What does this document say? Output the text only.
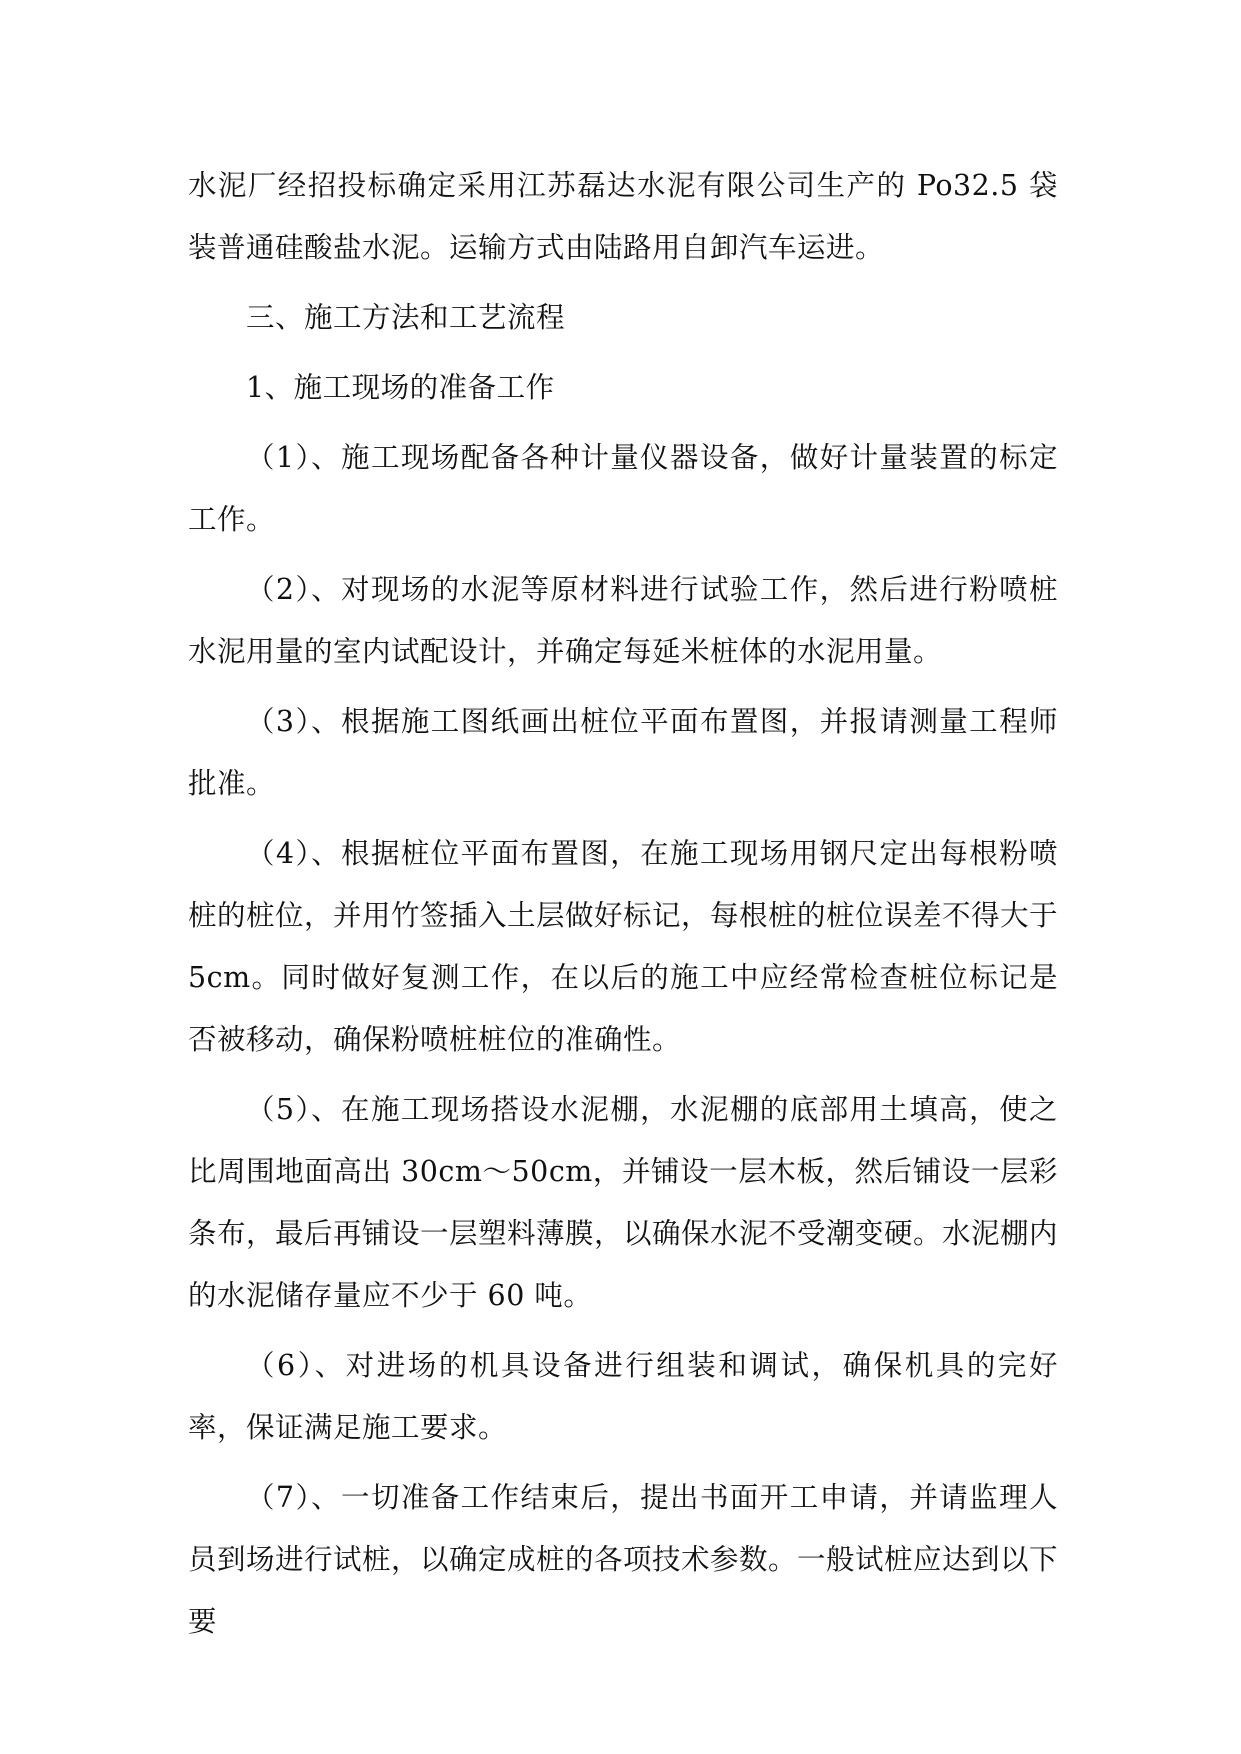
水泥厂经招投标确定采用江苏磊达水泥有限公司生产的 Po32.5 袋装普通硅酸盐水泥。运输方式由陆路用自卸汽车运进。

三、施工方法和工艺流程

1、施工现场的准备工作

（1）、施工现场配备各种计量仪器设备，做好计量装置的标定工作。

（2）、对现场的水泥等原材料进行试验工作，然后进行粉喷桩水泥用量的室内试配设计，并确定每延米桩体的水泥用量。

（3）、根据施工图纸画出桩位平面布置图，并报请测量工程师批准。

（4）、根据桩位平面布置图，在施工现场用钢尺定出每根粉喷桩的桩位，并用竹签插入土层做好标记，每根桩的桩位误差不得大于 5cm。同时做好复测工作，在以后的施工中应经常检查桩位标记是否被移动，确保粉喷桩桩位的准确性。

（5）、在施工现场搭设水泥棚，水泥棚的底部用土填高，使之比周围地面高出 30cm～50cm，并铺设一层木板，然后铺设一层彩条布，最后再铺设一层塑料薄膜，以确保水泥不受潮变硬。水泥棚内的水泥储存量应不少于 60 吨。

（6）、对进场的机具设备进行组装和调试，确保机具的完好率，保证满足施工要求。

（7）、一切准备工作结束后，提出书面开工申请，并请监理人员到场进行试桩，以确定成桩的各项技术参数。一般试桩应达到以下要
